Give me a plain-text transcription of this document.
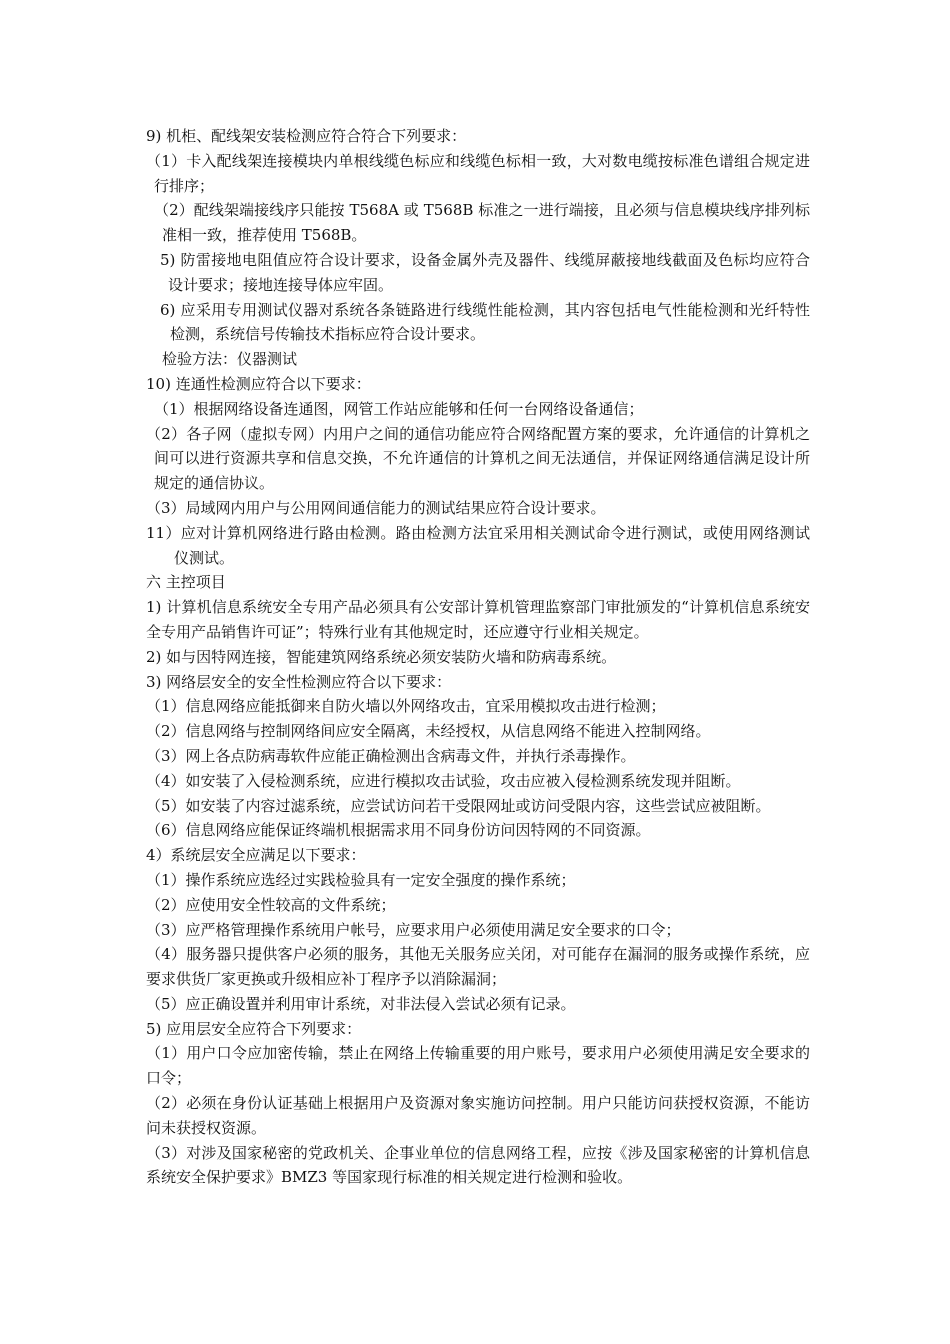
9) 机柜、配线架安装检测应符合符合下列要求：

（1）卡入配线架连接模块内单根线缆色标应和线缆色标相一致，大对数电缆按标准色谱组合规定进行排序；

（2）配线架端接线序只能按 T568A 或 T568B 标准之一进行端接，且必须与信息模块线序排列标准相一致，推荐使用 T568B。

5) 防雷接地电阻值应符合设计要求，设备金属外壳及器件、线缆屏蔽接地线截面及色标均应符合设计要求；接地连接导体应牢固。

6) 应采用专用测试仪器对系统各条链路进行线缆性能检测，其内容包括电气性能检测和光纤特性检测，系统信号传输技术指标应符合设计要求。

检验方法：仪器测试

10) 连通性检测应符合以下要求：

（1）根据网络设备连通图，网管工作站应能够和任何一台网络设备通信；

（2）各子网（虚拟专网）内用户之间的通信功能应符合网络配置方案的要求，允许通信的计算机之间可以进行资源共享和信息交换，不允许通信的计算机之间无法通信，并保证网络通信满足设计所规定的通信协议。

（3）局域网内用户与公用网间通信能力的测试结果应符合设计要求。

11）应对计算机网络进行路由检测。路由检测方法宜采用相关测试命令进行测试，或使用网络测试仪测试。

六 主控项目

1) 计算机信息系统安全专用产品必须具有公安部计算机管理监察部门审批颁发的“计算机信息系统安全专用产品销售许可证”；特殊行业有其他规定时，还应遵守行业相关规定。

2) 如与因特网连接，智能建筑网络系统必须安装防火墙和防病毒系统。

3) 网络层安全的安全性检测应符合以下要求：

（1）信息网络应能抵御来自防火墙以外网络攻击，宜采用模拟攻击进行检测；

（2）信息网络与控制网络间应安全隔离，未经授权，从信息网络不能进入控制网络。

（3）网上各点防病毒软件应能正确检测出含病毒文件，并执行杀毒操作。

（4）如安装了入侵检测系统，应进行模拟攻击试验，攻击应被入侵检测系统发现并阻断。

（5）如安装了内容过滤系统，应尝试访问若干受限网址或访问受限内容，这些尝试应被阻断。

（6）信息网络应能保证终端机根据需求用不同身份访问因特网的不同资源。

4）系统层安全应满足以下要求：

（1）操作系统应选经过实践检验具有一定安全强度的操作系统；

（2）应使用安全性较高的文件系统；

（3）应严格管理操作系统用户帐号，应要求用户必须使用满足安全要求的口令；

（4）服务器只提供客户必须的服务，其他无关服务应关闭，对可能存在漏洞的服务或操作系统，应要求供货厂家更换或升级相应补丁程序予以消除漏洞；

（5）应正确设置并利用审计系统，对非法侵入尝试必须有记录。

5) 应用层安全应符合下列要求：

（1）用户口令应加密传输，禁止在网络上传输重要的用户账号，要求用户必须使用满足安全要求的口令；

（2）必须在身份认证基础上根据用户及资源对象实施访问控制。用户只能访问获授权资源，不能访问未获授权资源。

（3）对涉及国家秘密的党政机关、企事业单位的信息网络工程，应按《涉及国家秘密的计算机信息系统安全保护要求》BMZ3 等国家现行标准的相关规定进行检测和验收。
